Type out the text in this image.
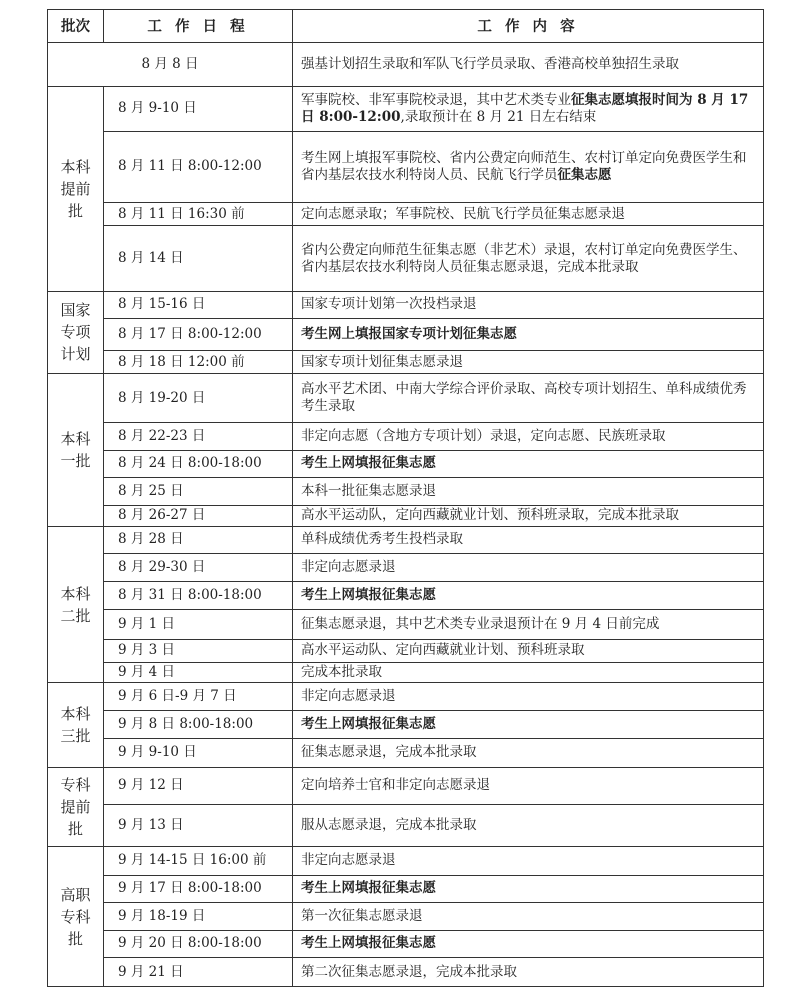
批次	工 作 日 程	工 作 内 容
8 月 8 日		强基计划招生录取和军队飞行学员录取、香港高校单独招生录取
本科
提前
批	8 月 9-10 日	军事院校、非军事院校录退，其中艺术类专业征集志愿填报时间为 8 月 17 日 8:00-12:00,录取预计在 8 月 21 日左右结束
	8 月 11 日 8:00-12:00	考生网上填报军事院校、省内公费定向师范生、农村订单定向免费医学生和省内基层农技水利特岗人员、民航飞行学员征集志愿
	8 月 11 日 16:30 前	定向志愿录取；军事院校、民航飞行学员征集志愿录退
	8 月 14 日	省内公费定向师范生征集志愿（非艺术）录退，农村订单定向免费医学生、省内基层农技水利特岗人员征集志愿录退，完成本批录取
国家
专项
计划	8 月 15-16 日	国家专项计划第一次投档录退
	8 月 17 日 8:00-12:00	考生网上填报国家专项计划征集志愿
	8 月 18 日 12:00 前	国家专项计划征集志愿录退
本科
一批	8 月 19-20 日	高水平艺术团、中南大学综合评价录取、高校专项计划招生、单科成绩优秀考生录取
	8 月 22-23 日	非定向志愿（含地方专项计划）录退，定向志愿、民族班录取
	8 月 24 日 8:00-18:00	考生上网填报征集志愿
	8 月 25 日	本科一批征集志愿录退
	8 月 26-27 日	高水平运动队，定向西藏就业计划、预科班录取，完成本批录取
本科
二批	8 月 28 日	单科成绩优秀考生投档录取
	8 月 29-30 日	非定向志愿录退
	8 月 31 日 8:00-18:00	考生上网填报征集志愿
	9 月 1 日	征集志愿录退，其中艺术类专业录退预计在 9 月 4 日前完成
	9 月 3 日	高水平运动队、定向西藏就业计划、预科班录取
	9 月 4 日	完成本批录取
本科
三批	9 月 6 日-9 月 7 日	非定向志愿录退
	9 月 8 日 8:00-18:00	考生上网填报征集志愿
	9 月 9-10 日	征集志愿录退，完成本批录取
专科
提前
批	9 月 12 日	定向培养士官和非定向志愿录退
	9 月 13 日	服从志愿录退，完成本批录取
高职
专科
批	9 月 14-15 日 16:00 前	非定向志愿录退
	9 月 17 日 8:00-18:00	考生上网填报征集志愿
	9 月 18-19 日	第一次征集志愿录退
	9 月 20 日 8:00-18:00	考生上网填报征集志愿
	9 月 21 日	第二次征集志愿录退，完成本批录取
